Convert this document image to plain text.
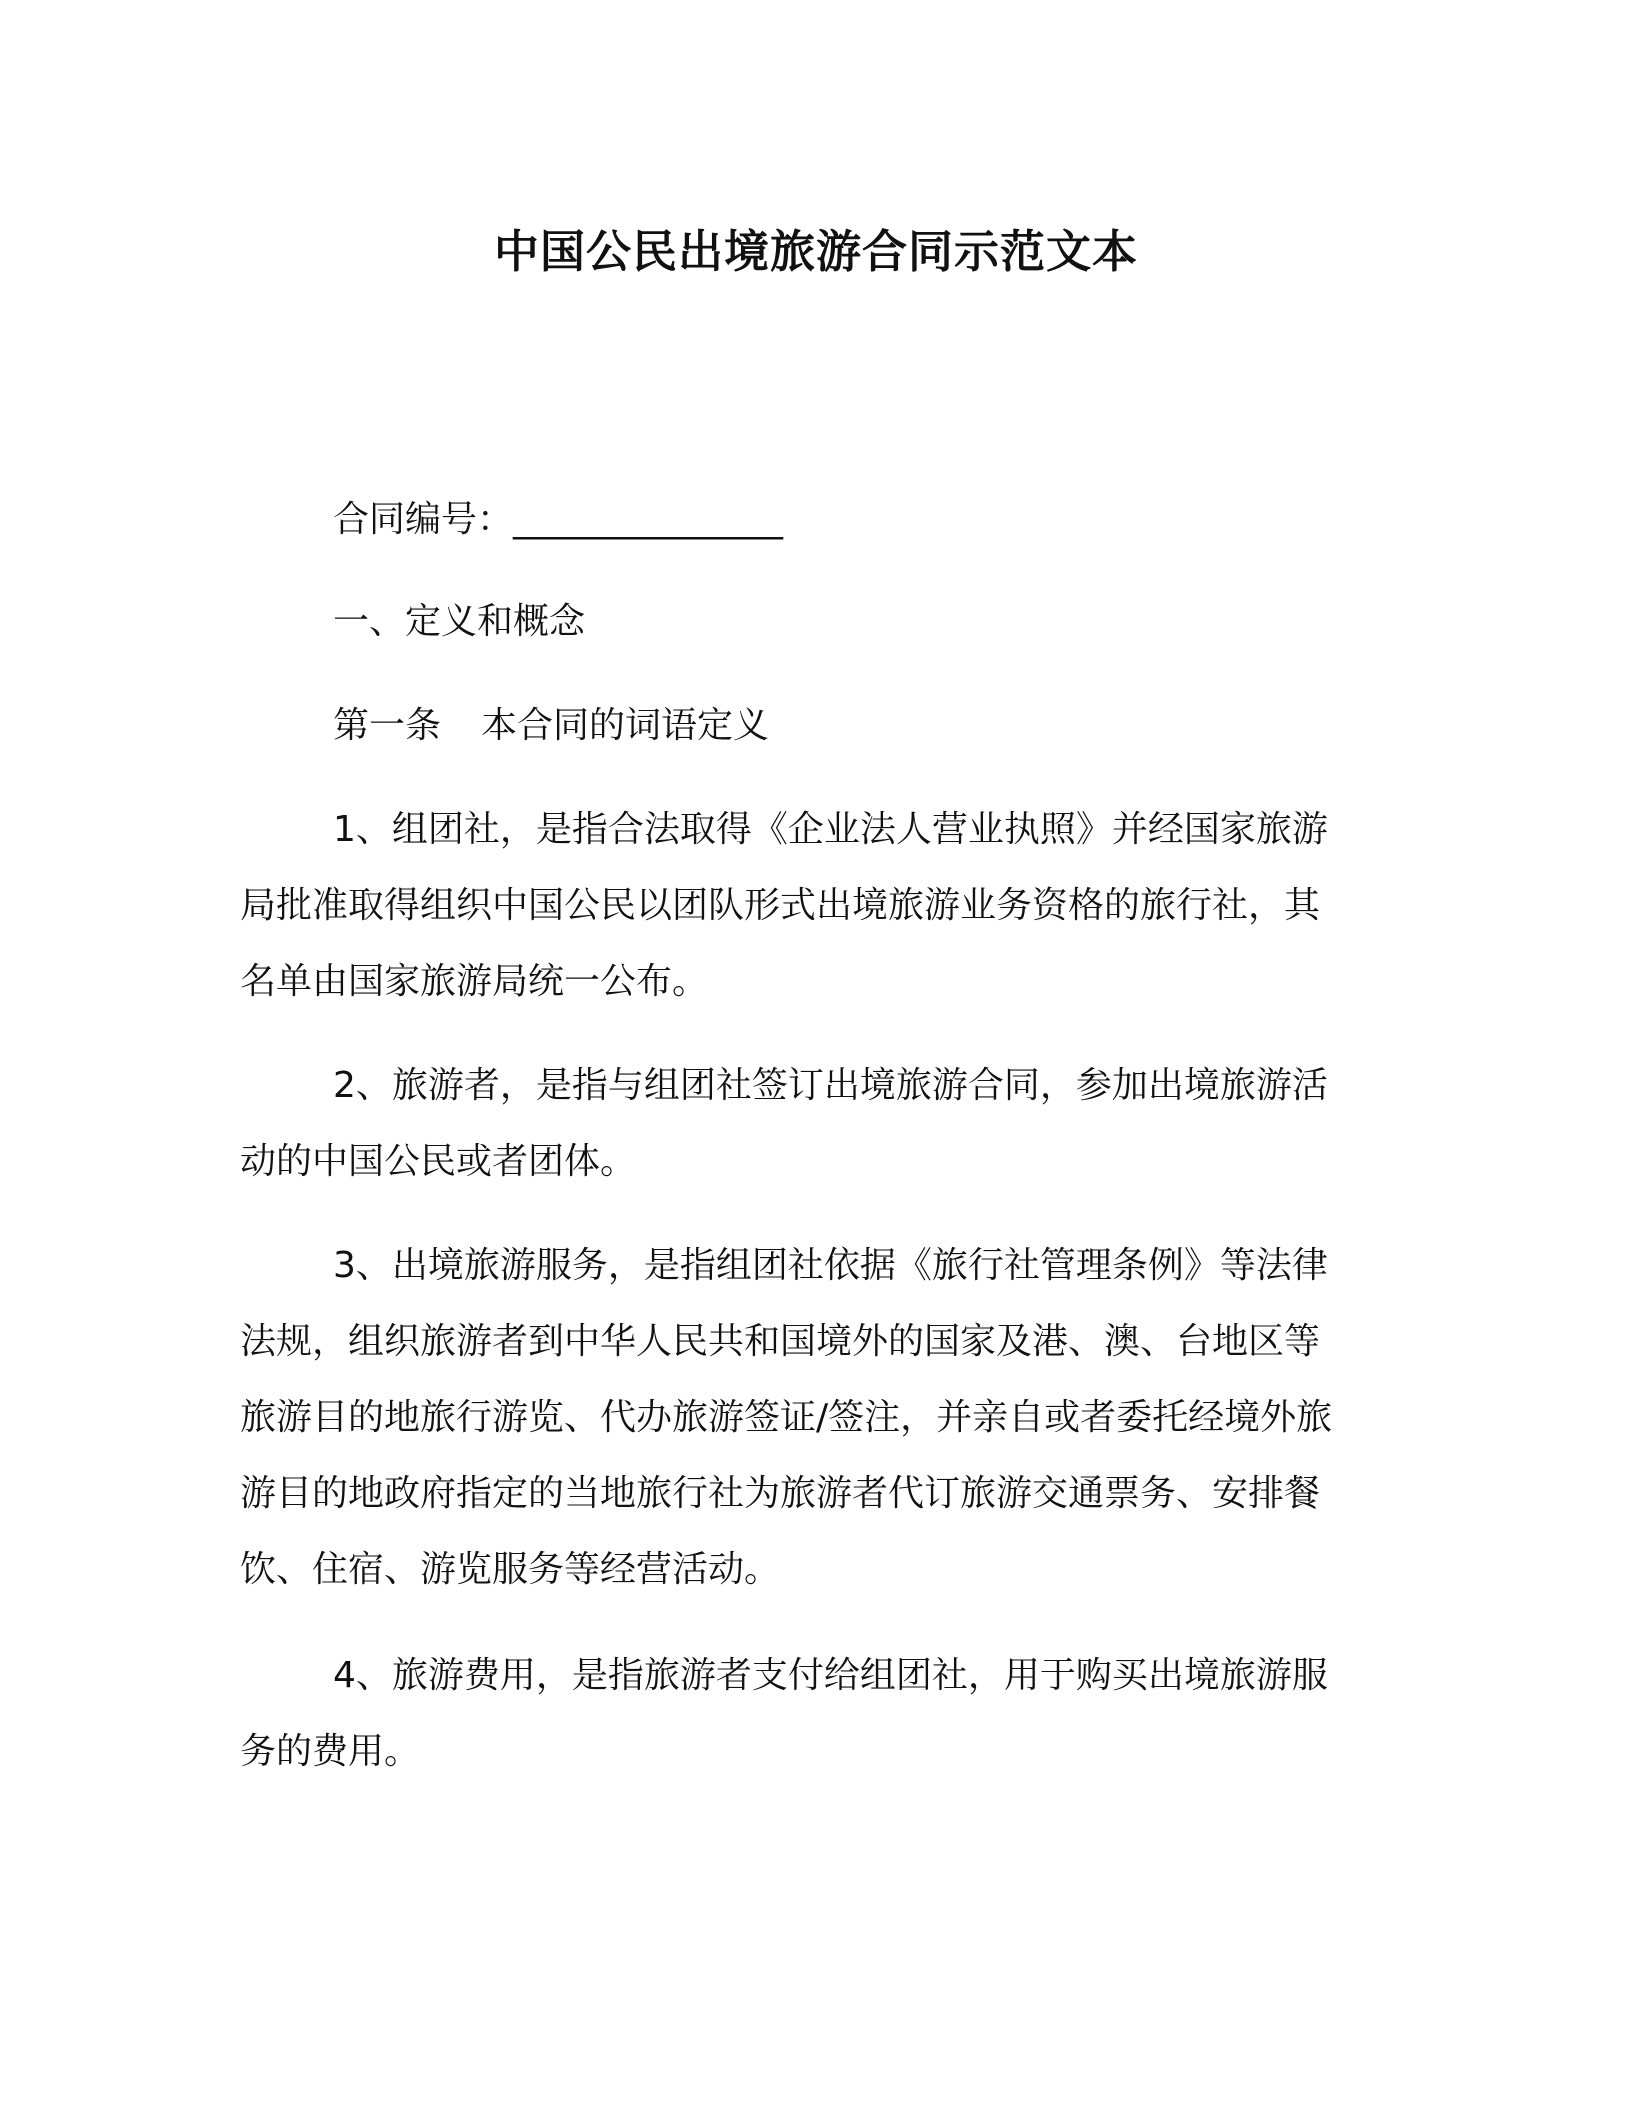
中国公民出境旅游合同示范文本
合同编号：_______________
一、定义和概念
第一条 本合同的词语定义
1、组团社，是指合法取得《企业法人营业执照》并经国家旅游
局批准取得组织中国公民以团队形式出境旅游业务资格的旅行社，其
名单由国家旅游局统一公布。
2、旅游者，是指与组团社签订出境旅游合同，参加出境旅游活
动的中国公民或者团体。
3、出境旅游服务，是指组团社依据《旅行社管理条例》等法律
法规，组织旅游者到中华人民共和国境外的国家及港、澳、台地区等
旅游目的地旅行游览、代办旅游签证/签注，并亲自或者委托经境外旅
游目的地政府指定的当地旅行社为旅游者代订旅游交通票务、安排餐
饮、住宿、游览服务等经营活动。
4、旅游费用，是指旅游者支付给组团社，用于购买出境旅游服
务的费用。
